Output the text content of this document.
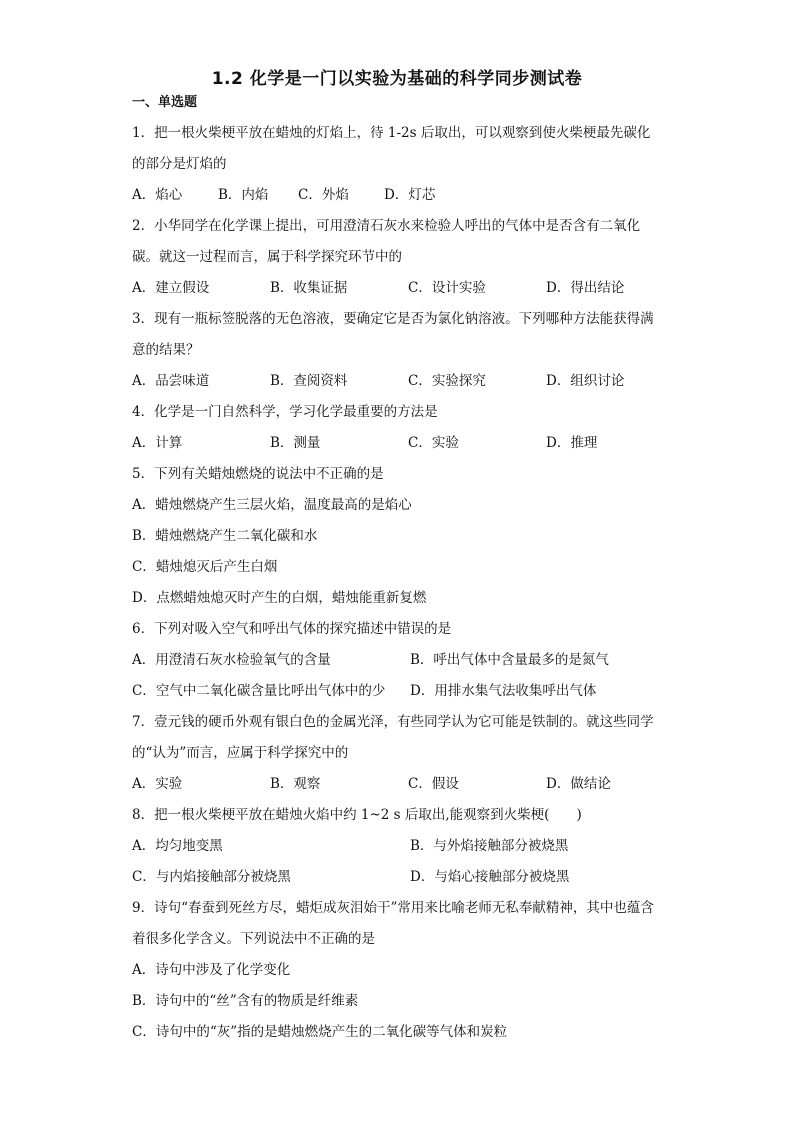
1.2 化学是一门以实验为基础的科学同步测试卷
一、单选题

1．把一根火柴梗平放在蜡烛的灯焰上，待 1-2s 后取出，可以观察到使火柴梗最先碳化的部分是灯焰的

A．焰心	B．内焰	C．外焰	D．灯芯

2．小华同学在化学课上提出，可用澄清石灰水来检验人呼出的气体中是否含有二氧化碳。就这一过程而言，属于科学探究环节中的

A．建立假设	B．收集证据	C．设计实验	D．得出结论

3．现有一瓶标签脱落的无色溶液，要确定它是否为氯化钠溶液。下列哪种方法能获得满意的结果？

A．品尝味道	B．查阅资料	C．实验探究	D．组织讨论

4．化学是一门自然科学，学习化学最重要的方法是

A．计算	B．测量	C．实验	D．推理

5．下列有关蜡烛燃烧的说法中不正确的是

A．蜡烛燃烧产生三层火焰，温度最高的是焰心
B．蜡烛燃烧产生二氧化碳和水
C．蜡烛熄灭后产生白烟
D．点燃蜡烛熄灭时产生的白烟，蜡烛能重新复燃

6．下列对吸入空气和呼出气体的探究描述中错误的是

A．用澄清石灰水检验氧气的含量	B．呼出气体中含量最多的是氮气
C．空气中二氧化碳含量比呼出气体中的少	D．用排水集气法收集呼出气体

7．壹元钱的硬币外观有银白色的金属光泽，有些同学认为它可能是铁制的。就这些同学的“认为”而言，应属于科学探究中的

A．实验	B．观察	C．假设	D．做结论

8．把一根火柴梗平放在蜡烛火焰中约 1~2 s 后取出,能观察到火柴梗(　　)

A．均匀地变黑	B．与外焰接触部分被烧黑
C．与内焰接触部分被烧黑	D．与焰心接触部分被烧黑

9．诗句“春蚕到死丝方尽，蜡炬成灰泪始干”常用来比喻老师无私奉献精神，其中也蕴含着很多化学含义。下列说法中不正确的是

A．诗句中涉及了化学变化
B．诗句中的“丝”含有的物质是纤维素
C．诗句中的“灰”指的是蜡烛燃烧产生的二氧化碳等气体和炭粒
